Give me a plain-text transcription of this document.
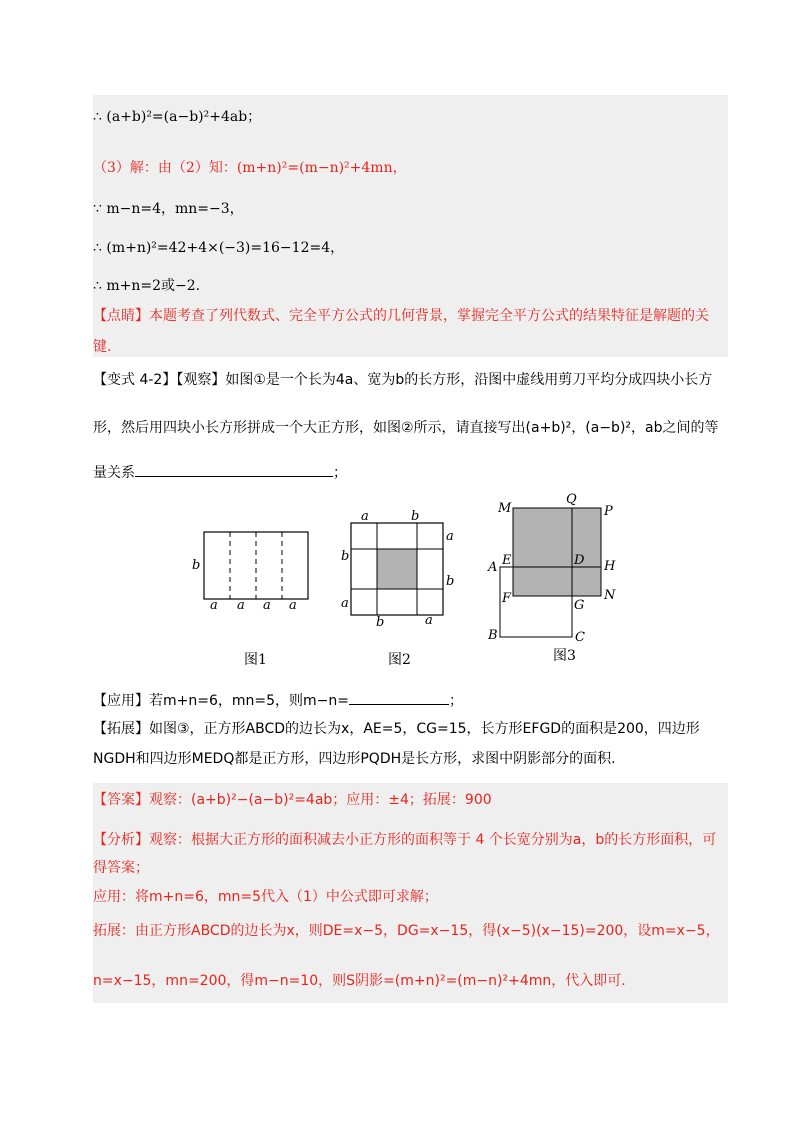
∴ (a+b)²=(a−b)²+4ab；
（3）解：由（2）知：(m+n)²=(m−n)²+4mn，
∵ m−n=4，mn=−3，
∴ (m+n)²=42+4×(−3)=16−12=4，
∴ m+n=2或−2.
【点睛】本题考查了列代数式、完全平方公式的几何背景，掌握完全平方公式的结果特征是解题的关
键.
【变式 4-2】【观察】如图①是一个长为4a、宽为b的长方形，沿图中虚线用剪刀平均分成四块小长方
形，然后用四块小长方形拼成一个大正方形，如图②所示，请直接写出(a+b)²，(a−b)²，ab之间的等
量关系	；
b
a a a a
图1
a	b
a
b
b
a
b	a
图2
M
Q
P
E	D H
A
F	G
N
B	C
图3
【应用】若m+n=6，mn=5，则m−n=	；
【拓展】如图③，正方形ABCD的边长为x，AE=5，CG=15，长方形EFGD的面积是200，四边形
NGDH和四边形MEDQ都是正方形，四边形PQDH是长方形，求图中阴影部分的面积.
【答案】观察：(a+b)²−(a−b)²=4ab；应用：±4；拓展：900
【分析】观察：根据大正方形的面积减去小正方形的面积等于 4 个长宽分别为a，b的长方形面积，可
得答案；
应用：将m+n=6，mn=5代入（1）中公式即可求解；
拓展：由正方形ABCD的边长为x，则DE=x−5，DG=x−15，得(x−5)(x−15)=200，设m=x−5，
n=x−15，mn=200，得m−n=10，则S阴影=(m+n)²=(m−n)²+4mn，代入即可.
